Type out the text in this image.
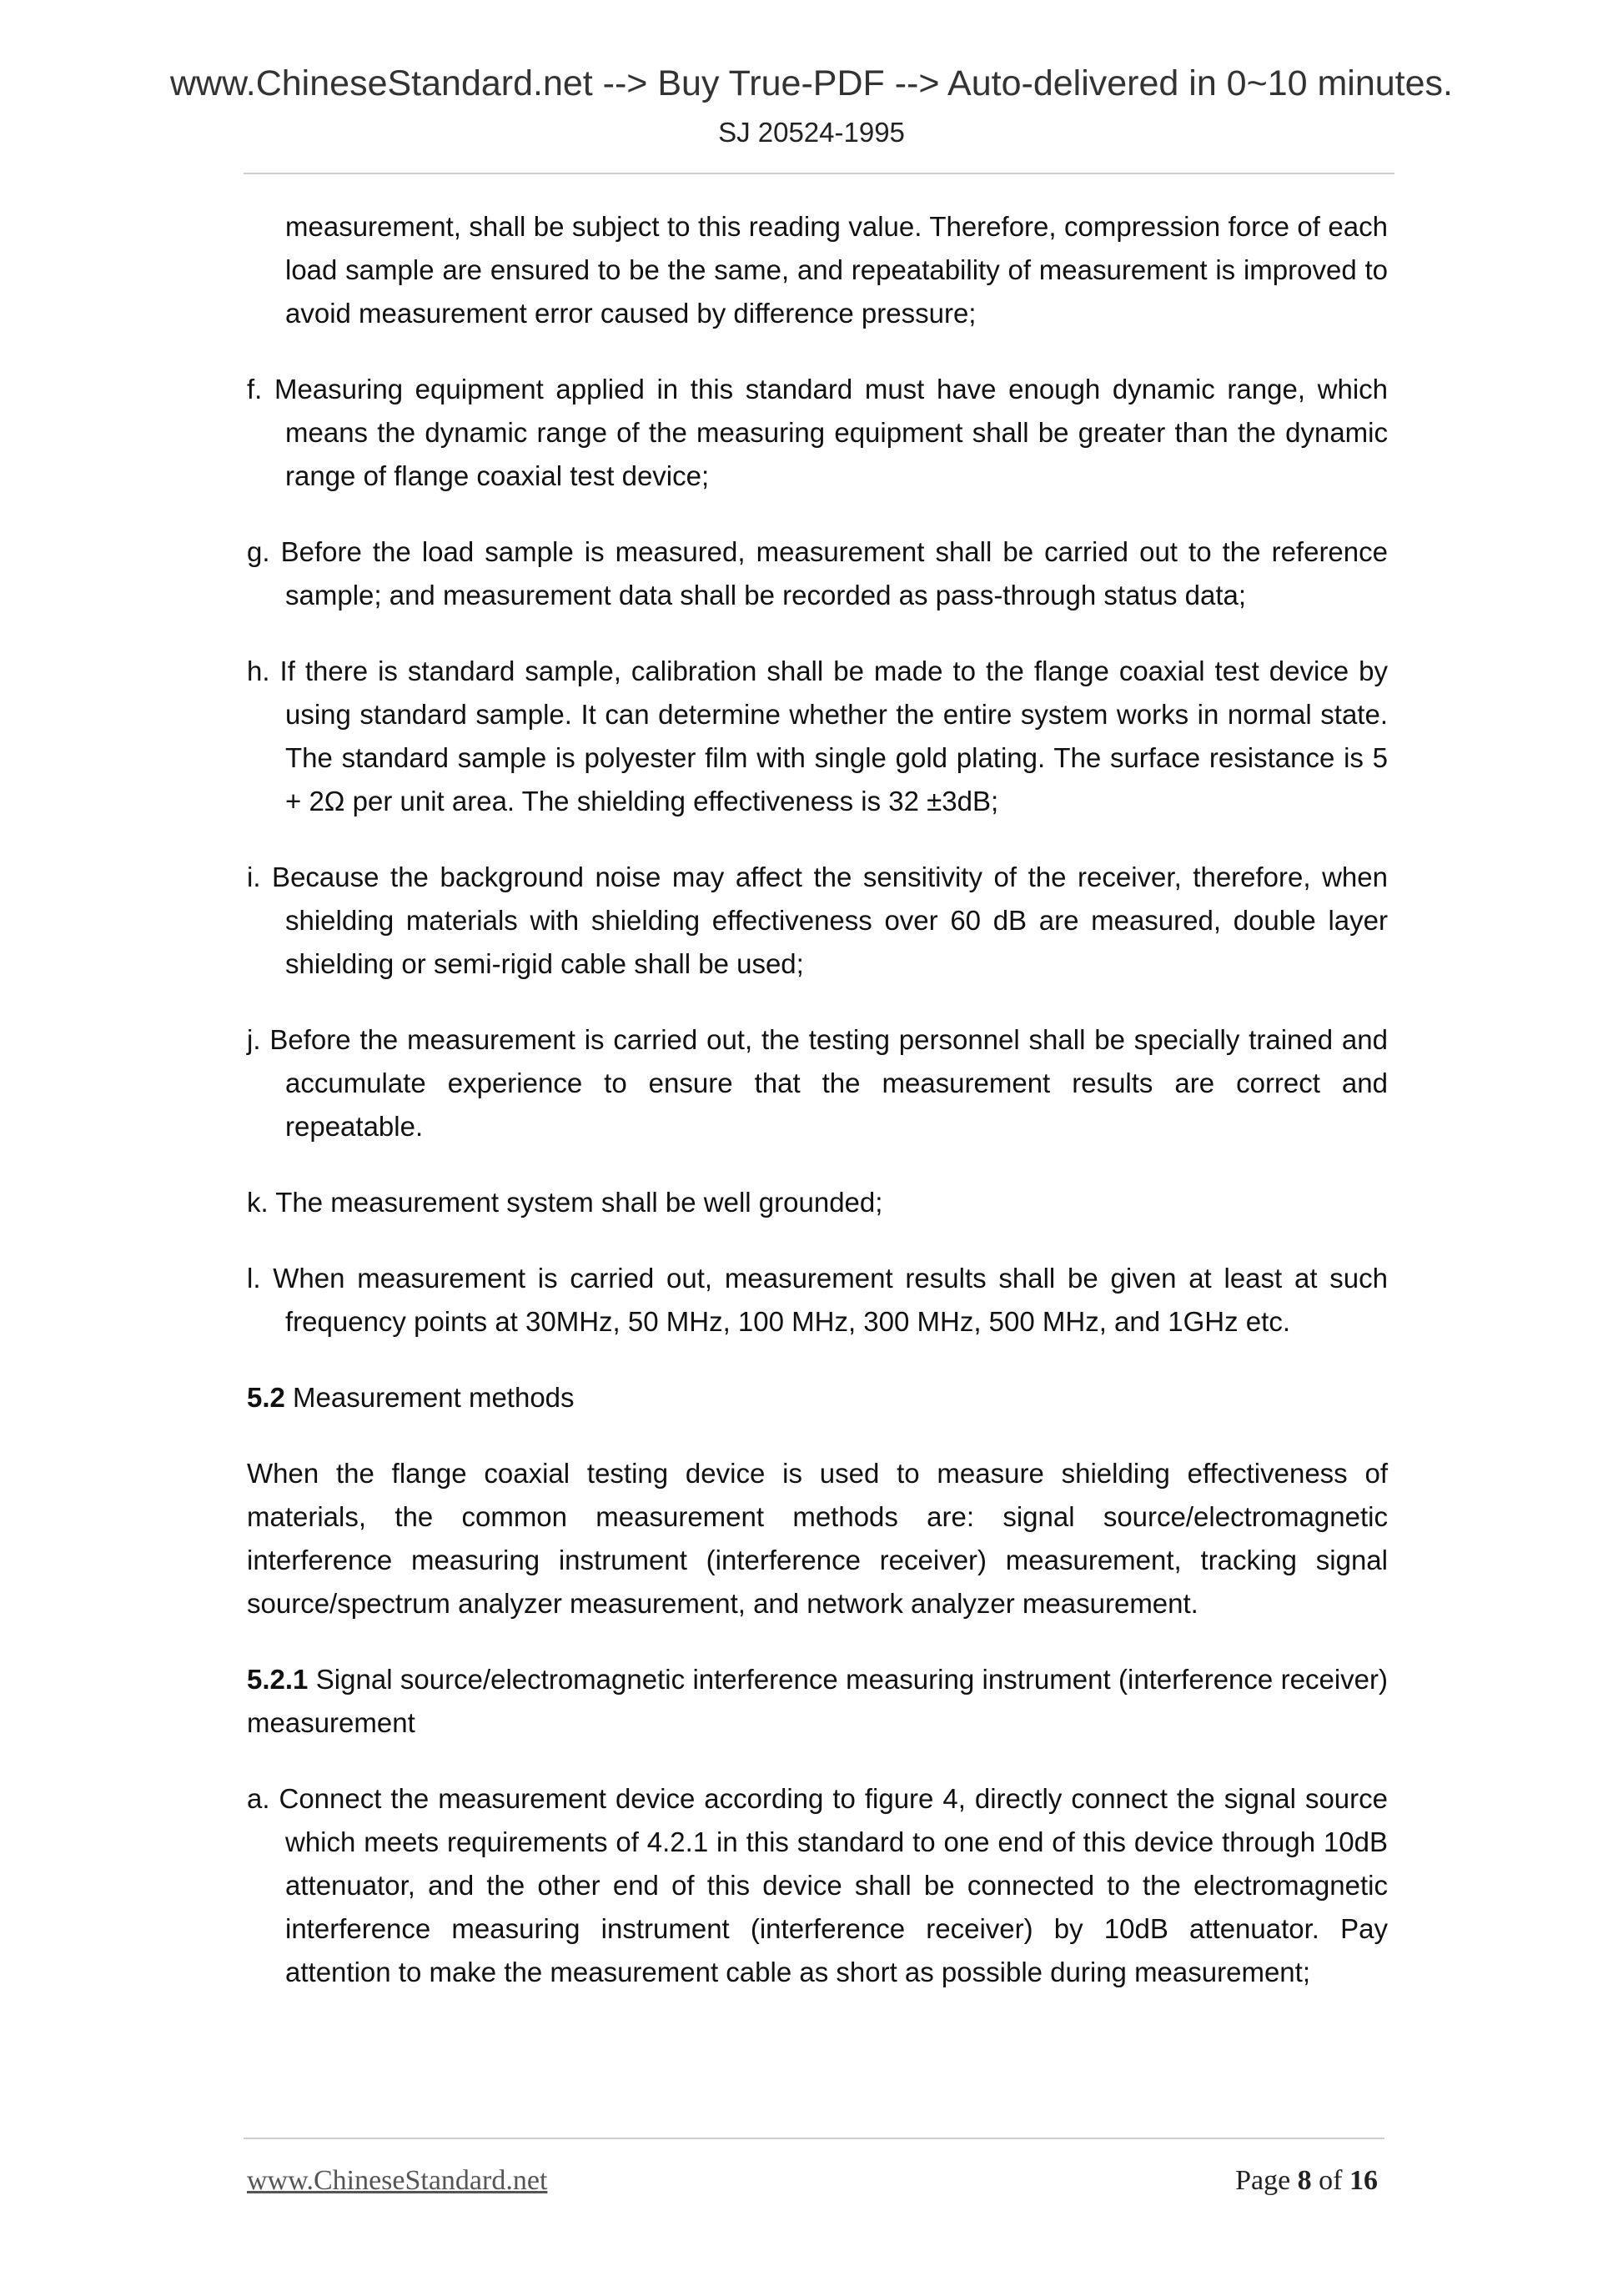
www.ChineseStandard.net --> Buy True-PDF --> Auto-delivered in 0~10 minutes.
SJ 20524-1995

measurement, shall be subject to this reading value. Therefore, compression force of each load sample are ensured to be the same, and repeatability of measurement is improved to avoid measurement error caused by difference pressure;

f. Measuring equipment applied in this standard must have enough dynamic range, which means the dynamic range of the measuring equipment shall be greater than the dynamic range of flange coaxial test device;

g. Before the load sample is measured, measurement shall be carried out to the reference sample; and measurement data shall be recorded as pass-through status data;

h. If there is standard sample, calibration shall be made to the flange coaxial test device by using standard sample. It can determine whether the entire system works in normal state. The standard sample is polyester film with single gold plating. The surface resistance is 5 + 2Ω per unit area. The shielding effectiveness is 32 ±3dB;

i. Because the background noise may affect the sensitivity of the receiver, therefore, when shielding materials with shielding effectiveness over 60 dB are measured, double layer shielding or semi-rigid cable shall be used;

j. Before the measurement is carried out, the testing personnel shall be specially trained and accumulate experience to ensure that the measurement results are correct and repeatable.

k. The measurement system shall be well grounded;

l. When measurement is carried out, measurement results shall be given at least at such frequency points at 30MHz, 50 MHz, 100 MHz, 300 MHz, 500 MHz, and 1GHz etc.

5.2 Measurement methods

When the flange coaxial testing device is used to measure shielding effectiveness of materials, the common measurement methods are: signal source/electromagnetic interference measuring instrument (interference receiver) measurement, tracking signal source/spectrum analyzer measurement, and network analyzer measurement.

5.2.1 Signal source/electromagnetic interference measuring instrument (interference receiver) measurement

a. Connect the measurement device according to figure 4, directly connect the signal source which meets requirements of 4.2.1 in this standard to one end of this device through 10dB attenuator, and the other end of this device shall be connected to the electromagnetic interference measuring instrument (interference receiver) by 10dB attenuator. Pay attention to make the measurement cable as short as possible during measurement;

www.ChineseStandard.net	Page 8 of 16
